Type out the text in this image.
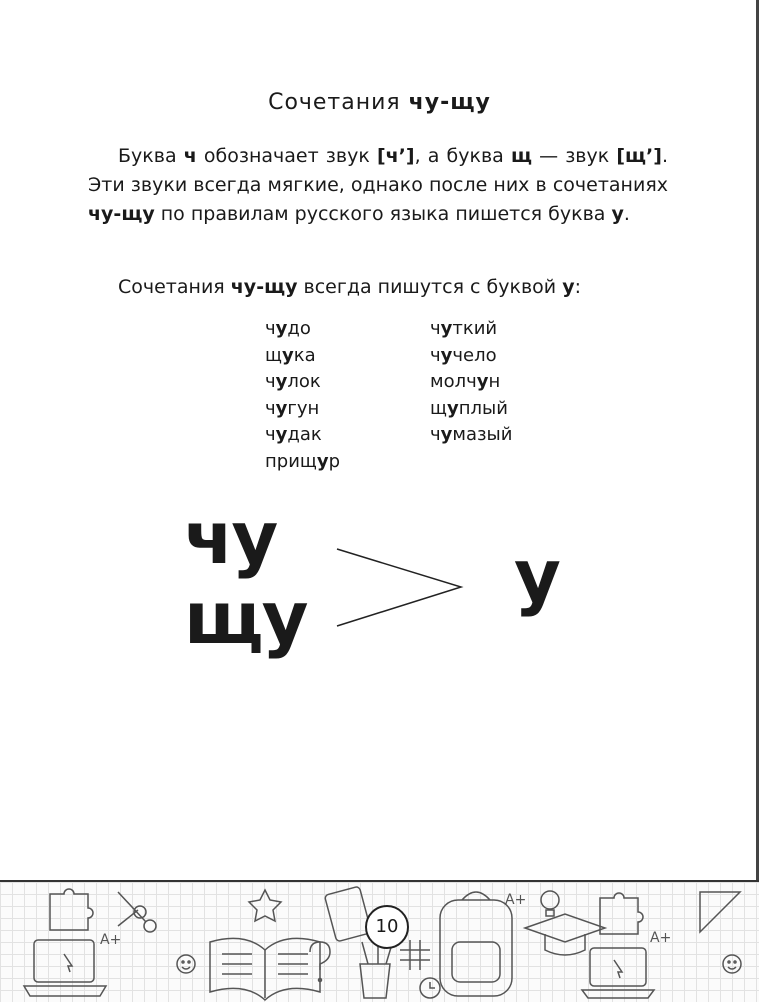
Сочетания чу-щу
Буква ч обозначает звук [ч’], а буква щ — звук [щ’]. Эти звуки всегда мягкие, однако после них в сочетаниях чу-щу по правилам русского языка пишется буква у.
Сочетания чу-щу всегда пишутся с буквой у:
чудо
щука
чулок
чугун
чудак
прищур
чуткий
чучело
молчун
щуплый
чумазый
чу
щу	у
A+
A+
A+
10
